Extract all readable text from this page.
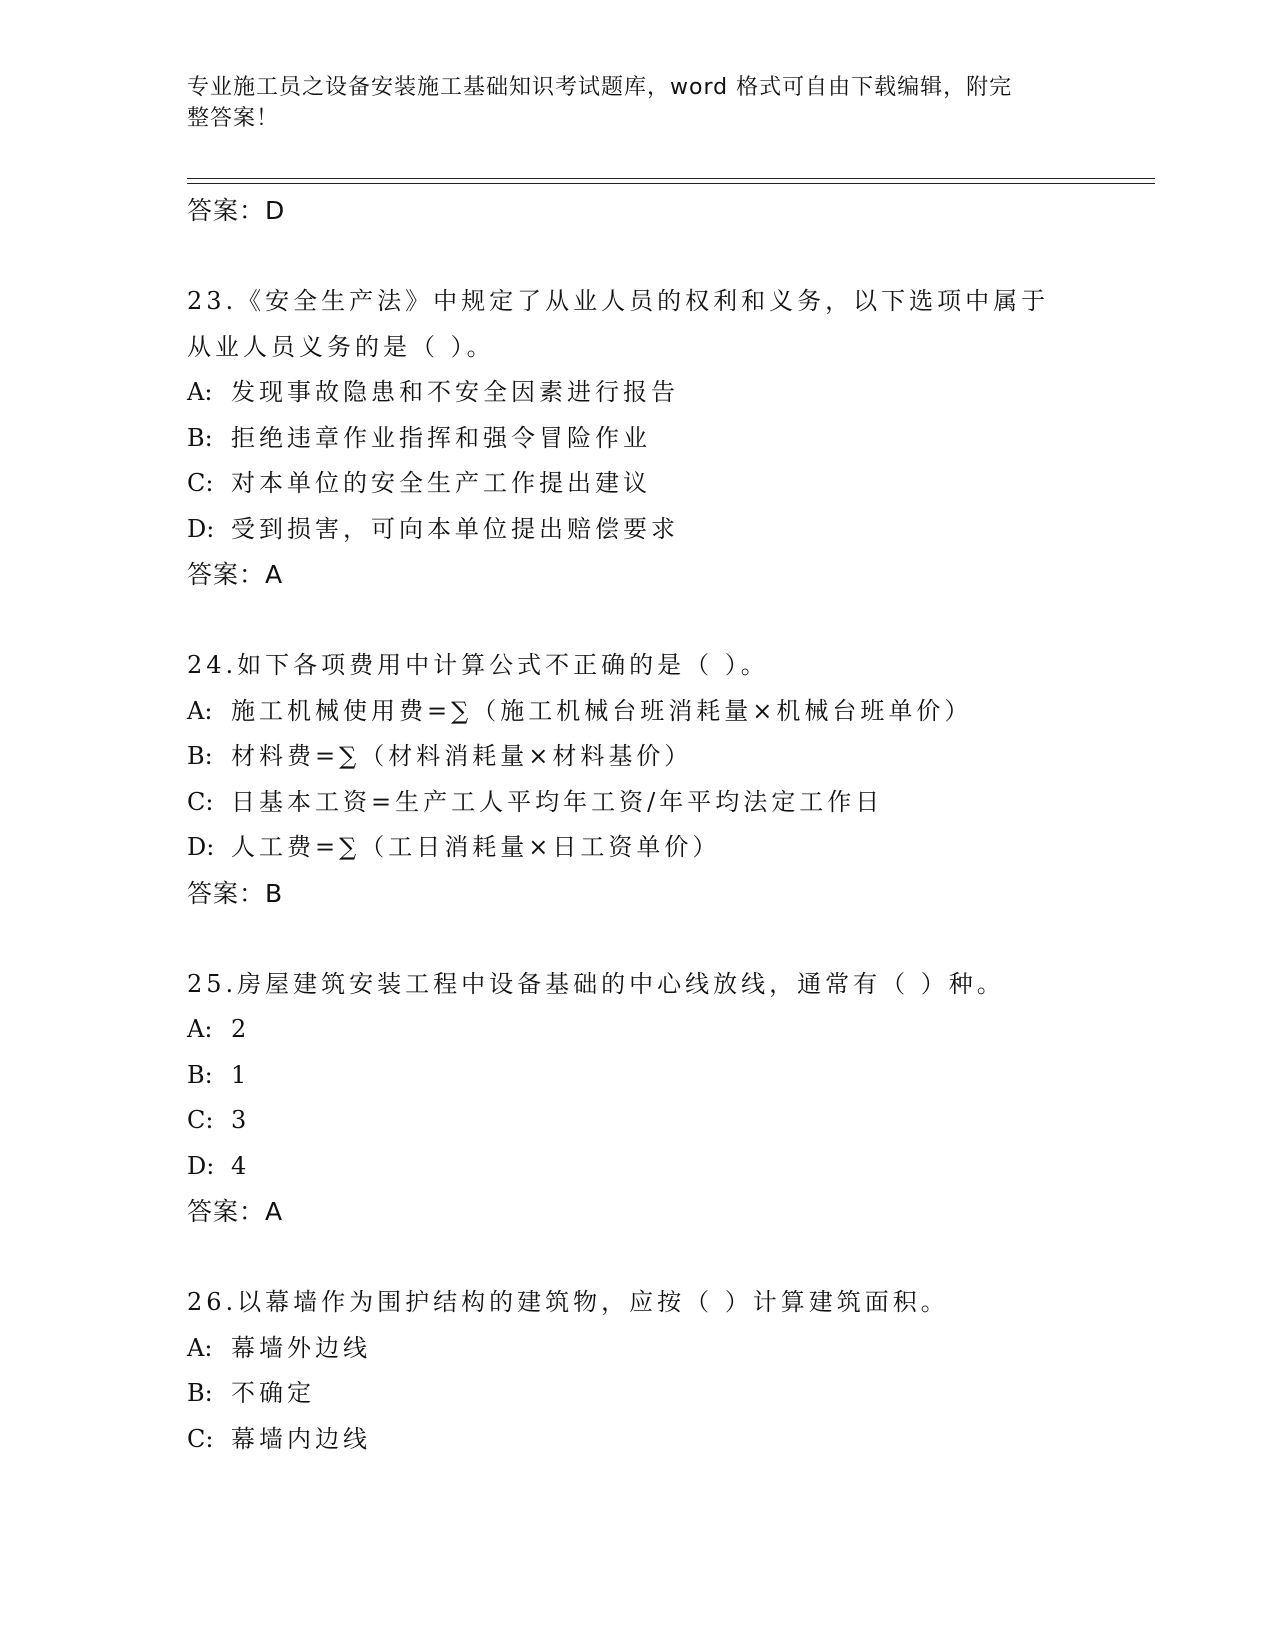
专业施工员之设备安装施工基础知识考试题库，word 格式可自由下载编辑，附完
整答案！
答案：D
23.《安全生产法》中规定了从业人员的权利和义务，以下选项中属于
从业人员义务的是（ ）。
A: 发现事故隐患和不安全因素进行报告
B: 拒绝违章作业指挥和强令冒险作业
C: 对本单位的安全生产工作提出建议
D: 受到损害，可向本单位提出赔偿要求
答案：A
24.如下各项费用中计算公式不正确的是（ ）。
A: 施工机械使用费=∑（施工机械台班消耗量×机械台班单价）
B: 材料费=∑（材料消耗量×材料基价）
C: 日基本工资=生产工人平均年工资/年平均法定工作日
D: 人工费=∑（工日消耗量×日工资单价）
答案：B
25.房屋建筑安装工程中设备基础的中心线放线，通常有（ ）种。
A: 2
B: 1
C: 3
D: 4
答案：A
26.以幕墙作为围护结构的建筑物，应按（ ）计算建筑面积。
A: 幕墙外边线
B: 不确定
C: 幕墙内边线
